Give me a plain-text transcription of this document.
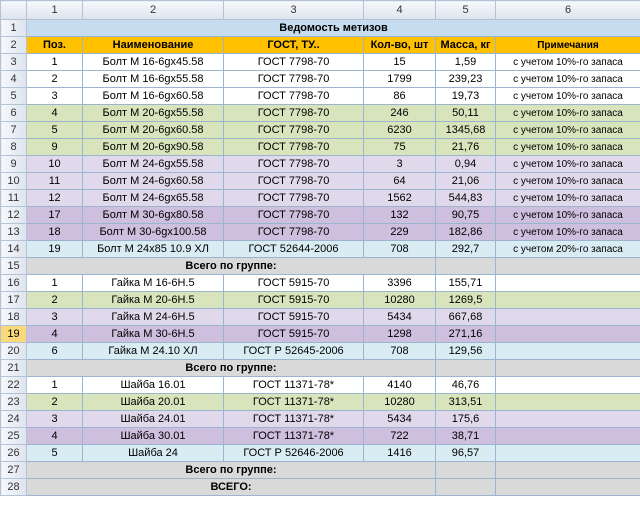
	1	2	3	4	5	6
1	Ведомость метизов					
2	Поз.	Наименование	ГОСТ, ТУ..	Кол-во, шт	Масса, кг	Примечания
3	1	Болт М 16-6gx45.58	ГОСТ 7798-70	15	1,59	с учетом 10%-го запаса
4	2	Болт М 16-6gx55.58	ГОСТ 7798-70	1799	239,23	с учетом 10%-го запаса
5	3	Болт М 16-6gx60.58	ГОСТ 7798-70	86	19,73	с учетом 10%-го запаса
6	4	Болт М 20-6gx55.58	ГОСТ 7798-70	246	50,11	с учетом 10%-го запаса
7	5	Болт М 20-6gx60.58	ГОСТ 7798-70	6230	1345,68	с учетом 10%-го запаса
8	9	Болт М 20-6gx90.58	ГОСТ 7798-70	75	21,76	с учетом 10%-го запаса
9	10	Болт М 24-6gx55.58	ГОСТ 7798-70	3	0,94	с учетом 10%-го запаса
10	11	Болт М 24-6gx60.58	ГОСТ 7798-70	64	21,06	с учетом 10%-го запаса
11	12	Болт М 24-6gx65.58	ГОСТ 7798-70	1562	544,83	с учетом 10%-го запаса
12	17	Болт М 30-6gx80.58	ГОСТ 7798-70	132	90,75	с учетом 10%-го запаса
13	18	Болт М 30-6gx100.58	ГОСТ 7798-70	229	182,86	с учетом 10%-го запаса
14	19	Болт М 24x85 10.9 ХЛ	ГОСТ 52644-2006	708	292,7	с учетом 20%-го запаса
15	Всего по группе:					
16	1	Гайка М 16-6Н.5	ГОСТ 5915-70	3396	155,71	
17	2	Гайка М 20-6Н.5	ГОСТ 5915-70	10280	1269,5	
18	3	Гайка М 24-6Н.5	ГОСТ 5915-70	5434	667,68	
19	4	Гайка М 30-6Н.5	ГОСТ 5915-70	1298	271,16	
20	6	Гайка М 24.10 ХЛ	ГОСТ Р 52645-2006	708	129,56	
21	Всего по группе:					
22	1	Шайба 16.01	ГОСТ 11371-78*	4140	46,76	
23	2	Шайба 20.01	ГОСТ 11371-78*	10280	313,51	
24	3	Шайба 24.01	ГОСТ 11371-78*	5434	175,6	
25	4	Шайба 30.01	ГОСТ 11371-78*	722	38,71	
26	5	Шайба 24	ГОСТ Р 52646-2006	1416	96,57	
27	Всего по группе:					
28	ВСЕГО:					
